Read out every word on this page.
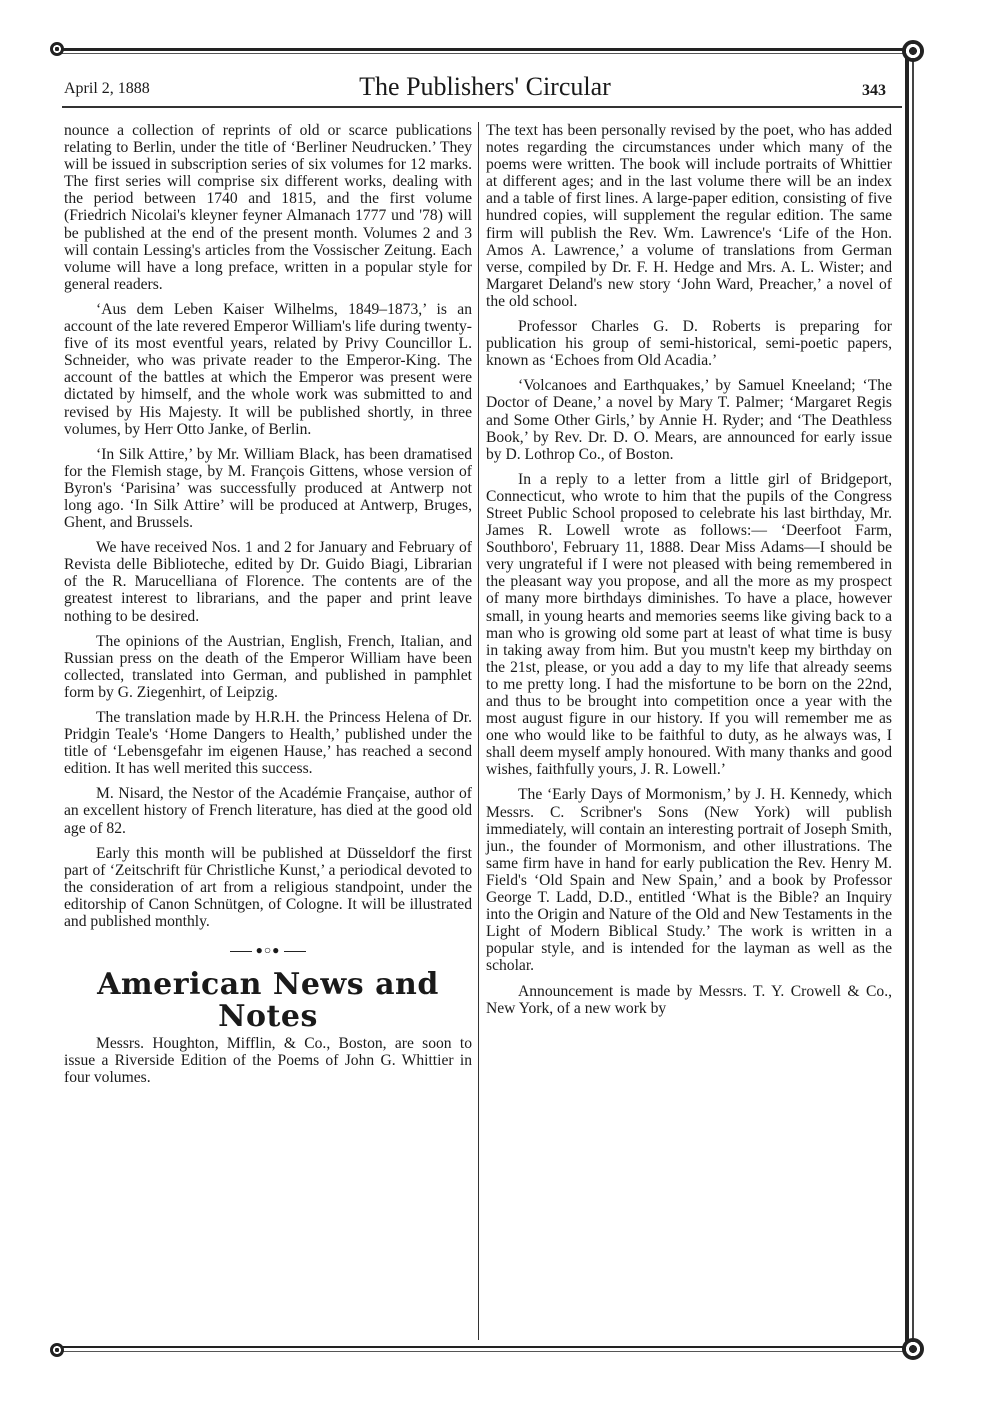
April 2, 1888	The Publishers' Circular	343

nounce a collection of reprints of old or scarce publications relating to Berlin, under the title of ‘Berliner Neudrucken.’ They will be issued in subscription series of six volumes for 12 marks. The first series will comprise six different works, dealing with the period between 1740 and 1815, and the first volume (Friedrich Nicolai's kleyner feyner Almanach 1777 und '78) will be published at the end of the present month. Volumes 2 and 3 will contain Lessing's articles from the Vossischer Zeitung. Each volume will have a long preface, written in a popular style for general readers.

‘Aus dem Leben Kaiser Wilhelms, 1849–1873,’ is an account of the late revered Emperor William's life during twenty-five of its most eventful years, related by Privy Councillor L. Schneider, who was private reader to the Emperor-King. The account of the battles at which the Emperor was present were dictated by himself, and the whole work was submitted to and revised by His Majesty. It will be published shortly, in three volumes, by Herr Otto Janke, of Berlin.

‘In Silk Attire,’ by Mr. William Black, has been dramatised for the Flemish stage, by M. François Gittens, whose version of Byron's ‘Parisina’ was successfully produced at Antwerp not long ago. ‘In Silk Attire’ will be produced at Antwerp, Bruges, Ghent, and Brussels.

We have received Nos. 1 and 2 for January and February of Revista delle Biblioteche, edited by Dr. Guido Biagi, Librarian of the R. Marucelliana of Florence. The contents are of the greatest interest to librarians, and the paper and print leave nothing to be desired.

The opinions of the Austrian, English, French, Italian, and Russian press on the death of the Emperor William have been collected, translated into German, and published in pamphlet form by G. Ziegenhirt, of Leipzig.

The translation made by H.R.H. the Princess Helena of Dr. Pridgin Teale's ‘Home Dangers to Health,’ published under the title of ‘Lebensgefahr im eigenen Hause,’ has reached a second edition. It has well merited this success.

M. Nisard, the Nestor of the Académie Française, author of an excellent history of French literature, has died at the good old age of 82.

Early this month will be published at Düsseldorf the first part of ‘Zeitschrift für Christliche Kunst,’ a periodical devoted to the consideration of art from a religious standpoint, under the editorship of Canon Schnütgen, of Cologne. It will be illustrated and published monthly.

●○●
American News and Notes

Messrs. Houghton, Mifflin, & Co., Boston, are soon to issue a Riverside Edition of the Poems of John G. Whittier in four volumes.

The text has been personally revised by the poet, who has added notes regarding the circumstances under which many of the poems were written. The book will include portraits of Whittier at different ages; and in the last volume there will be an index and a table of first lines. A large-paper edition, consisting of five hundred copies, will supplement the regular edition. The same firm will publish the Rev. Wm. Lawrence's ‘Life of the Hon. Amos A. Lawrence,’ a volume of translations from German verse, compiled by Dr. F. H. Hedge and Mrs. A. L. Wister; and Margaret Deland's new story ‘John Ward, Preacher,’ a novel of the old school.

Professor Charles G. D. Roberts is preparing for publication his group of semi-historical, semi-poetic papers, known as ‘Echoes from Old Acadia.’

‘Volcanoes and Earthquakes,’ by Samuel Kneeland; ‘The Doctor of Deane,’ a novel by Mary T. Palmer; ‘Margaret Regis and Some Other Girls,’ by Annie H. Ryder; and ‘The Deathless Book,’ by Rev. Dr. D. O. Mears, are announced for early issue by D. Lothrop Co., of Boston.

In a reply to a letter from a little girl of Bridgeport, Connecticut, who wrote to him that the pupils of the Congress Street Public School proposed to celebrate his last birthday, Mr. James R. Lowell wrote as follows:— ‘Deerfoot Farm, Southboro', February 11, 1888. Dear Miss Adams—I should be very ungrateful if I were not pleased with being remembered in the pleasant way you propose, and all the more as my prospect of many more birthdays diminishes. To have a place, however small, in young hearts and memories seems like giving back to a man who is growing old some part at least of what time is busy in taking away from him. But you mustn't keep my birthday on the 21st, please, or you add a day to my life that already seems to me pretty long. I had the misfortune to be born on the 22nd, and thus to be brought into competition once a year with the most august figure in our history. If you will remember me as one who would like to be faithful to duty, as he always was, I shall deem myself amply honoured. With many thanks and good wishes, faithfully yours, J. R. Lowell.’

The ‘Early Days of Mormonism,’ by J. H. Kennedy, which Messrs. C. Scribner's Sons (New York) will publish immediately, will contain an interesting portrait of Joseph Smith, jun., the founder of Mormonism, and other illustrations. The same firm have in hand for early publication the Rev. Henry M. Field's ‘Old Spain and New Spain,’ and a book by Professor George T. Ladd, D.D., entitled ‘What is the Bible? an Inquiry into the Origin and Nature of the Old and New Testaments in the Light of Modern Biblical Study.’ The work is written in a popular style, and is intended for the layman as well as the scholar.

Announcement is made by Messrs. T. Y. Crowell & Co., New York, of a new work by
